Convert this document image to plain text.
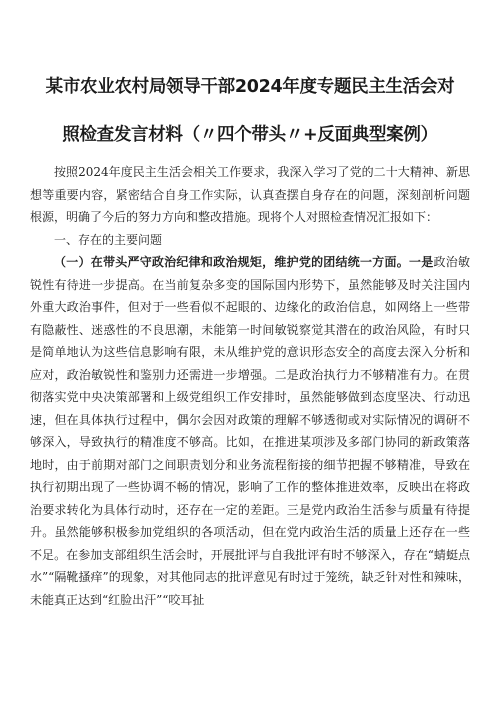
某市农业农村局领导干部2024年度专题民主生活会对
照检查发言材料（〃四个带头〃+反面典型案例）

按照2024年度民主生活会相关工作要求，我深入学习了党的二十大精神、新思想等重要内容，紧密结合自身工作实际，认真查摆自身存在的问题，深刻剖析问题根源，明确了今后的努力方向和整改措施。现将个人对照检查情况汇报如下：

一、存在的主要问题

（一）在带头严守政治纪律和政治规矩，维护党的团结统一方面。一是政治敏锐性有待进一步提高。在当前复杂多变的国际国内形势下，虽然能够及时关注国内外重大政治事件，但对于一些看似不起眼的、边缘化的政治信息，如网络上一些带有隐蔽性、迷惑性的不良思潮，未能第一时间敏锐察觉其潜在的政治风险，有时只是简单地认为这些信息影响有限，未从维护党的意识形态安全的高度去深入分析和应对，政治敏锐性和鉴别力还需进一步增强。二是政治执行力不够精准有力。在贯彻落实党中央决策部署和上级党组织工作安排时，虽然能够做到态度坚决、行动迅速，但在具体执行过程中，偶尔会因对政策的理解不够透彻或对实际情况的调研不够深入，导致执行的精准度不够高。比如，在推进某项涉及多部门协同的新政策落地时，由于前期对部门之间职责划分和业务流程衔接的细节把握不够精准，导致在执行初期出现了一些协调不畅的情况，影响了工作的整体推进效率，反映出在将政治要求转化为具体行动时，还存在一定的差距。三是党内政治生活参与质量有待提升。虽然能够积极参加党组织的各项活动，但在党内政治生活的质量上还存在一些不足。在参加支部组织生活会时，开展批评与自我批评有时不够深入，存在“蜻蜓点水”“隔靴搔痒”的现象，对其他同志的批评意见有时过于笼统，缺乏针对性和辣味，未能真正达到“红脸出汗”“咬耳扯
